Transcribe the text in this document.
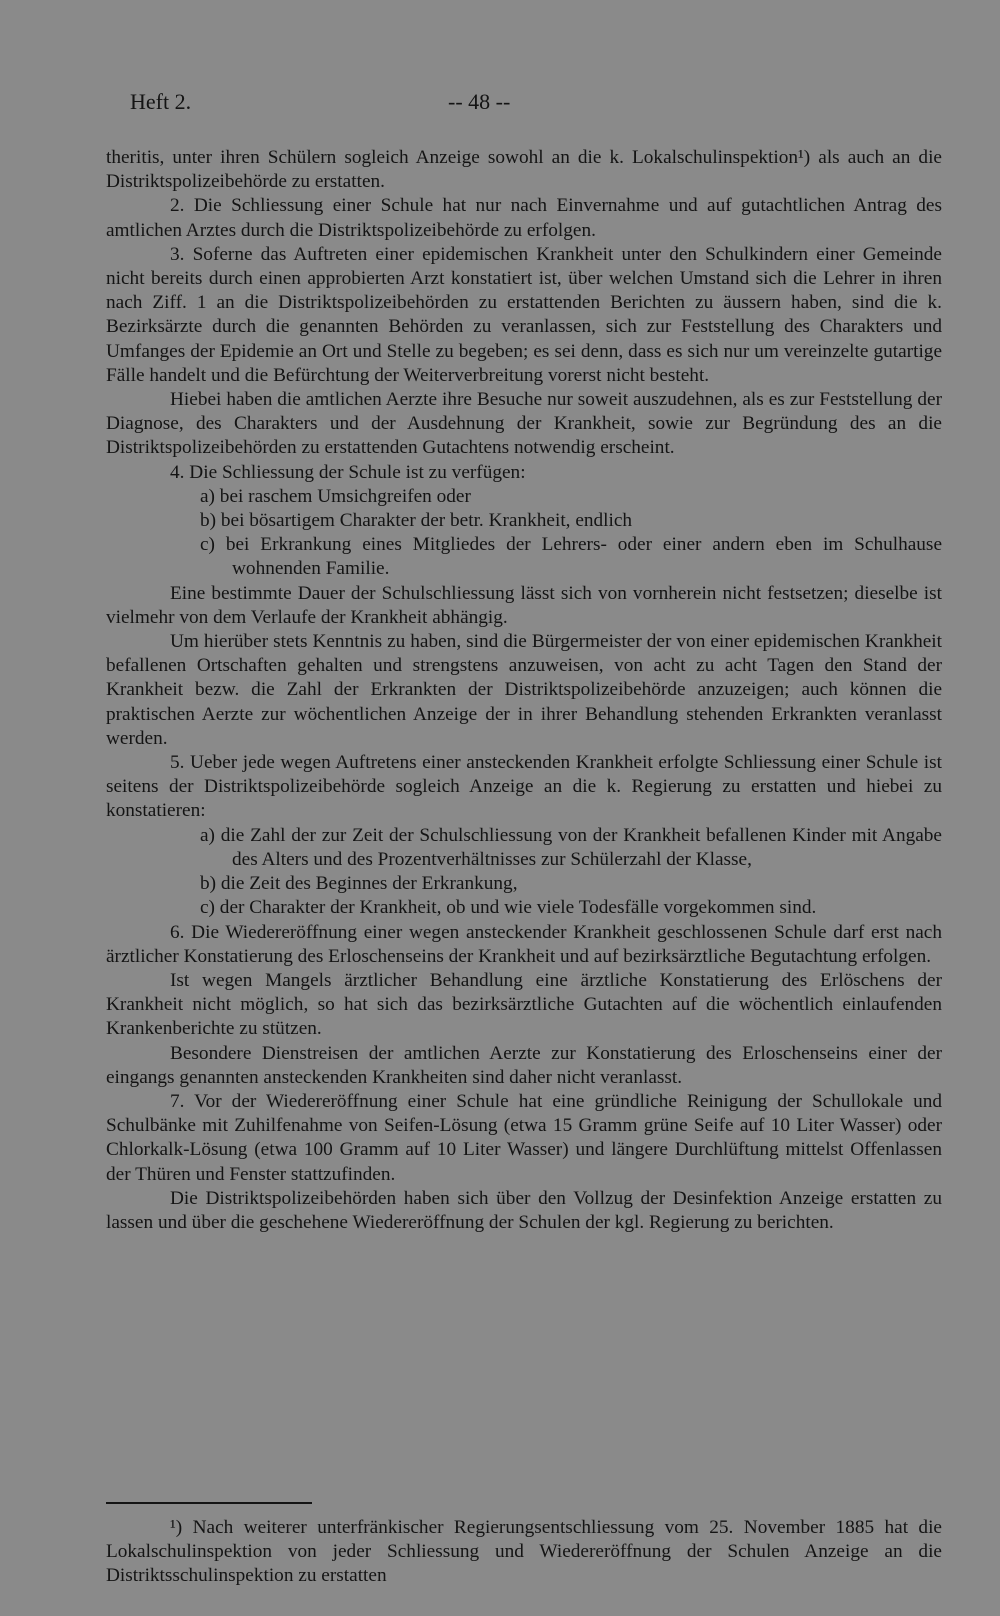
Heft 2.	-- 48 --

theritis, unter ihren Schülern sogleich Anzeige sowohl an die k. Lokalschulinspektion¹) als auch an die Distriktspolizeibehörde zu erstatten.

2. Die Schliessung einer Schule hat nur nach Einvernahme und auf gutachtlichen Antrag des amtlichen Arztes durch die Distriktspolizeibehörde zu erfolgen.

3. Soferne das Auftreten einer epidemischen Krankheit unter den Schulkindern einer Gemeinde nicht bereits durch einen approbierten Arzt konstatiert ist, über welchen Umstand sich die Lehrer in ihren nach Ziff. 1 an die Distriktspolizeibehörden zu erstattenden Berichten zu äussern haben, sind die k. Bezirksärzte durch die genannten Behörden zu veranlassen, sich zur Feststellung des Charakters und Umfanges der Epidemie an Ort und Stelle zu begeben; es sei denn, dass es sich nur um vereinzelte gutartige Fälle handelt und die Befürchtung der Weiterverbreitung vorerst nicht besteht.

Hiebei haben die amtlichen Aerzte ihre Besuche nur soweit auszudehnen, als es zur Feststellung der Diagnose, des Charakters und der Ausdehnung der Krankheit, sowie zur Begründung des an die Distriktspolizeibehörden zu erstattenden Gutachtens notwendig erscheint.

4. Die Schliessung der Schule ist zu verfügen:

a) bei raschem Umsichgreifen oder

b) bei bösartigem Charakter der betr. Krankheit, endlich

c) bei Erkrankung eines Mitgliedes der Lehrers- oder einer andern eben im Schulhause wohnenden Familie.

Eine bestimmte Dauer der Schulschliessung lässt sich von vornherein nicht festsetzen; dieselbe ist vielmehr von dem Verlaufe der Krankheit abhängig.

Um hierüber stets Kenntnis zu haben, sind die Bürgermeister der von einer epidemischen Krankheit befallenen Ortschaften gehalten und strengstens anzuweisen, von acht zu acht Tagen den Stand der Krankheit bezw. die Zahl der Erkrankten der Distriktspolizeibehörde anzuzeigen; auch können die praktischen Aerzte zur wöchentlichen Anzeige der in ihrer Behandlung stehenden Erkrankten veranlasst werden.

5. Ueber jede wegen Auftretens einer ansteckenden Krankheit erfolgte Schliessung einer Schule ist seitens der Distriktspolizeibehörde sogleich Anzeige an die k. Regierung zu erstatten und hiebei zu konstatieren:

a) die Zahl der zur Zeit der Schulschliessung von der Krankheit befallenen Kinder mit Angabe des Alters und des Prozentverhältnisses zur Schülerzahl der Klasse,

b) die Zeit des Beginnes der Erkrankung,

c) der Charakter der Krankheit, ob und wie viele Todesfälle vorgekommen sind.

6. Die Wiedereröffnung einer wegen ansteckender Krankheit geschlossenen Schule darf erst nach ärztlicher Konstatierung des Erloschenseins der Krankheit und auf bezirksärztliche Begutachtung erfolgen.

Ist wegen Mangels ärztlicher Behandlung eine ärztliche Konstatierung des Erlöschens der Krankheit nicht möglich, so hat sich das bezirksärztliche Gutachten auf die wöchentlich einlaufenden Krankenberichte zu stützen.

Besondere Dienstreisen der amtlichen Aerzte zur Konstatierung des Erloschenseins einer der eingangs genannten ansteckenden Krankheiten sind daher nicht veranlasst.

7. Vor der Wiedereröffnung einer Schule hat eine gründliche Reinigung der Schullokale und Schulbänke mit Zuhilfenahme von Seifen-Lösung (etwa 15 Gramm grüne Seife auf 10 Liter Wasser) oder Chlorkalk-Lösung (etwa 100 Gramm auf 10 Liter Wasser) und längere Durchlüftung mittelst Offenlassen der Thüren und Fenster stattzufinden.

Die Distriktspolizeibehörden haben sich über den Vollzug der Desinfektion Anzeige erstatten zu lassen und über die geschehene Wiedereröffnung der Schulen der kgl. Regierung zu berichten.

¹) Nach weiterer unterfränkischer Regierungsentschliessung vom 25. November 1885 hat die Lokalschulinspektion von jeder Schliessung und Wiedereröffnung der Schulen Anzeige an die Distriktsschulinspektion zu erstatten
